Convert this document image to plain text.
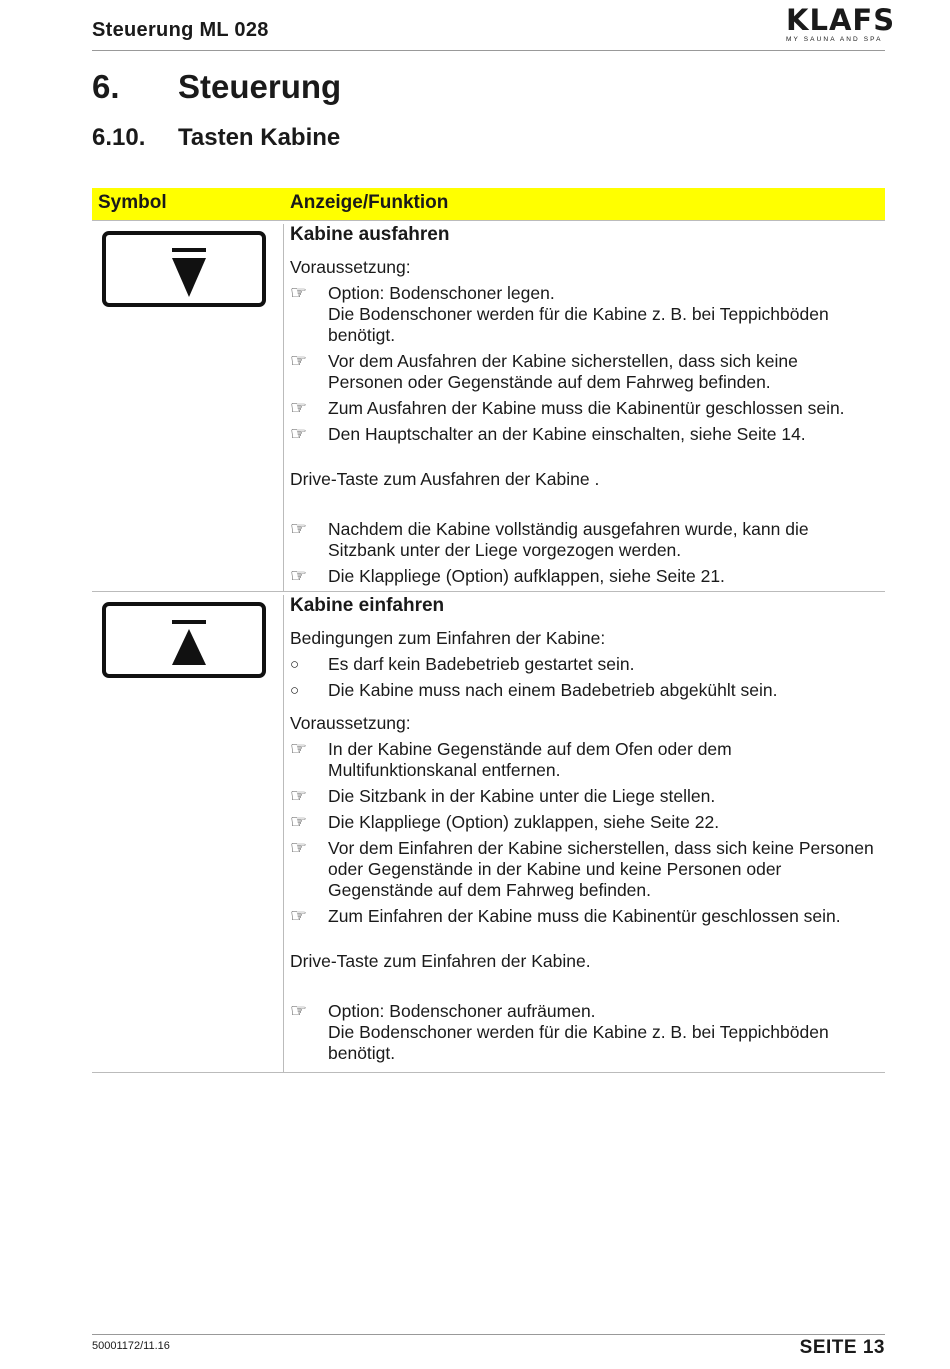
Steuerung ML 028	KLAFS
MY SAUNA AND SPA
6. Steuerung
6.10. Tasten Kabine
Symbol	Anzeige/Funktion
Kabine ausfahren
Voraussetzung:
☞ Option: Bodenschoner legen.
Die Bodenschoner werden für die Kabine z. B. bei Teppichböden benötigt.
☞ Vor dem Ausfahren der Kabine sicherstellen, dass sich keine Personen oder Gegenstände auf dem Fahrweg befinden.
☞ Zum Ausfahren der Kabine muss die Kabinentür geschlossen sein.
☞ Den Hauptschalter an der Kabine einschalten, siehe Seite 14.
Drive-Taste zum Ausfahren der Kabine .
☞ Nachdem die Kabine vollständig ausgefahren wurde, kann die Sitzbank unter der Liege vorgezogen werden.
☞ Die Klappliege (Option) aufklappen, siehe Seite 21.
Kabine einfahren
Bedingungen zum Einfahren der Kabine:
○ Es darf kein Badebetrieb gestartet sein.
○ Die Kabine muss nach einem Badebetrieb abgekühlt sein.
Voraussetzung:
☞ In der Kabine Gegenstände auf dem Ofen oder dem Multifunktionskanal entfernen.
☞ Die Sitzbank in der Kabine unter die Liege stellen.
☞ Die Klappliege (Option) zuklappen, siehe Seite 22.
☞ Vor dem Einfahren der Kabine sicherstellen, dass sich keine Personen oder Gegenstände in der Kabine und keine Personen oder Gegenstände auf dem Fahrweg befinden.
☞ Zum Einfahren der Kabine muss die Kabinentür geschlossen sein.
Drive-Taste zum Einfahren der Kabine.
☞ Option: Bodenschoner aufräumen.
Die Bodenschoner werden für die Kabine z. B. bei Teppichböden benötigt.
50001172/11.16	SEITE 13
